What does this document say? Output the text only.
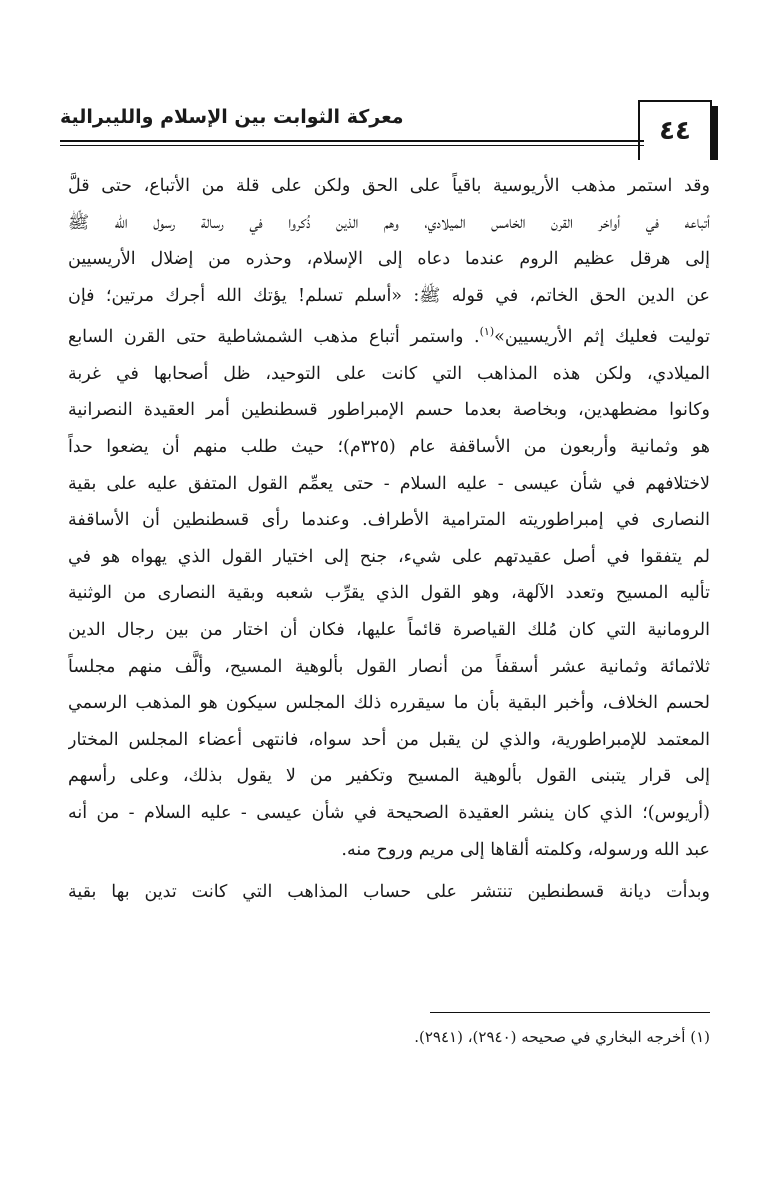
٤٤
معركة الثوابت بين الإسلام والليبرالية
وقد استمر مذهب الأريوسية باقياً على الحق ولكن على قلة من الأتباع، حتى قلَّ
أتباعه في أواخر القرن الخامس الميلادي، وهم الذين ذُكروا في رسالة رسول الله ﷺ
إلى هرقل عظيم الروم عندما دعاه إلى الإسلام، وحذره من إضلال الأريسيين
عن الدين الحق الخاتم، في قوله ﷺ: «أسلم تسلم! يؤتك الله أجرك مرتين؛ فإن
توليت فعليك إثم الأريسيين»$^{(١)}$. واستمر أتباع مذهب الشمشاطية حتى القرن السابع
الميلادي، ولكن هذه المذاهب التي كانت على التوحيد، ظل أصحابها في غربة
وكانوا مضطهدين، وبخاصة بعدما حسم الإمبراطور قسطنطين أمر العقيدة النصرانية
هو وثمانية وأربعون من الأساقفة عام (٣٢٥م)؛ حيث طلب منهم أن يضعوا حداً
لاختلافهم في شأن عيسى - عليه السلام - حتى يعمِّم القول المتفق عليه على بقية
النصارى في إمبراطوريته المترامية الأطراف. وعندما رأى قسطنطين أن الأساقفة
لم يتفقوا في أصل عقيدتهم على شيء، جنح إلى اختيار القول الذي يهواه هو في
تأليه المسيح وتعدد الآلهة، وهو القول الذي يقرِّب شعبه وبقية النصارى من الوثنية
الرومانية التي كان مُلك القياصرة قائماً عليها، فكان أن اختار من بين رجال الدين
ثلاثمائة وثمانية عشر أسقفاً من أنصار القول بألوهية المسيح، وألَّف منهم مجلساً
لحسم الخلاف، وأخبر البقية بأن ما سيقرره ذلك المجلس سيكون هو المذهب الرسمي
المعتمد للإمبراطورية، والذي لن يقبل من أحد سواه، فانتهى أعضاء المجلس المختار
إلى قرار يتبنى القول بألوهية المسيح وتكفير من لا يقول بذلك، وعلى رأسهم
(أريوس)؛ الذي كان ينشر العقيدة الصحيحة في شأن عيسى - عليه السلام - من أنه
عبد الله ورسوله، وكلمته ألقاها إلى مريم وروح منه.
وبدأت ديانة قسطنطين تنتشر على حساب المذاهب التي كانت تدين بها بقية
(١) أخرجه البخاري في صحيحه (٢٩٤٠)، (٢٩٤١).
